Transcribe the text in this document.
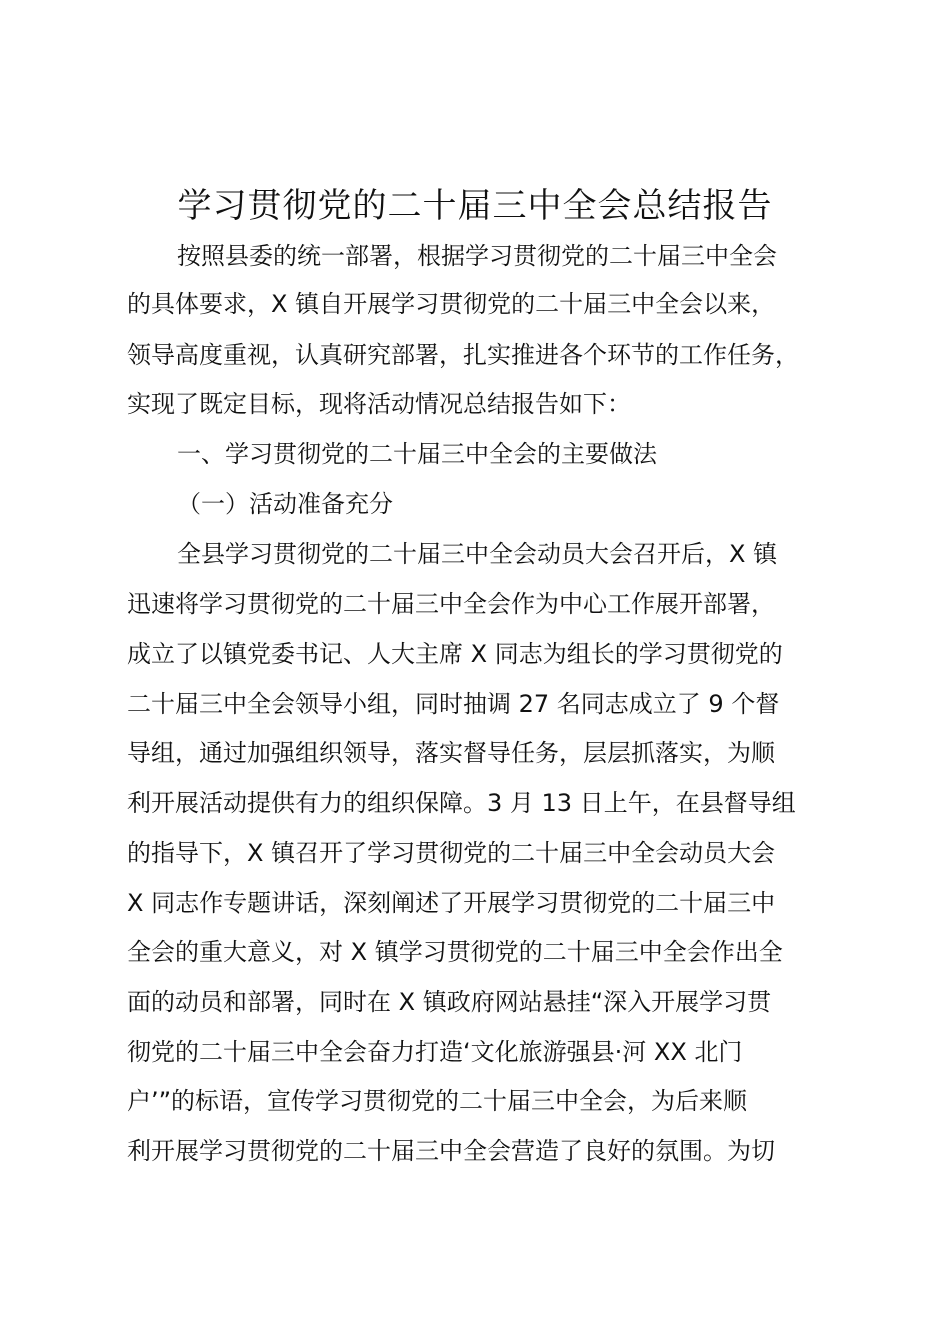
学习贯彻党的二十届三中全会总结报告
按照县委的统一部署，根据学习贯彻党的二十届三中全会
的具体要求，X 镇自开展学习贯彻党的二十届三中全会以来，
领导高度重视，认真研究部署，扎实推进各个环节的工作任务，
实现了既定目标，现将活动情况总结报告如下：
一、学习贯彻党的二十届三中全会的主要做法
（一）活动准备充分
全县学习贯彻党的二十届三中全会动员大会召开后，X 镇
迅速将学习贯彻党的二十届三中全会作为中心工作展开部署，
成立了以镇党委书记、人大主席 X 同志为组长的学习贯彻党的
二十届三中全会领导小组，同时抽调 27 名同志成立了 9 个督
导组，通过加强组织领导，落实督导任务，层层抓落实，为顺
利开展活动提供有力的组织保障。3 月 13 日上午，在县督导组
的指导下，X 镇召开了学习贯彻党的二十届三中全会动员大会
X 同志作专题讲话，深刻阐述了开展学习贯彻党的二十届三中
全会的重大意义，对 X 镇学习贯彻党的二十届三中全会作出全
面的动员和部署，同时在 X 镇政府网站悬挂“深入开展学习贯
彻党的二十届三中全会奋力打造‘文化旅游强县·河 XX 北门
户’”的标语，宣传学习贯彻党的二十届三中全会，为后来顺
利开展学习贯彻党的二十届三中全会营造了良好的氛围。为切
